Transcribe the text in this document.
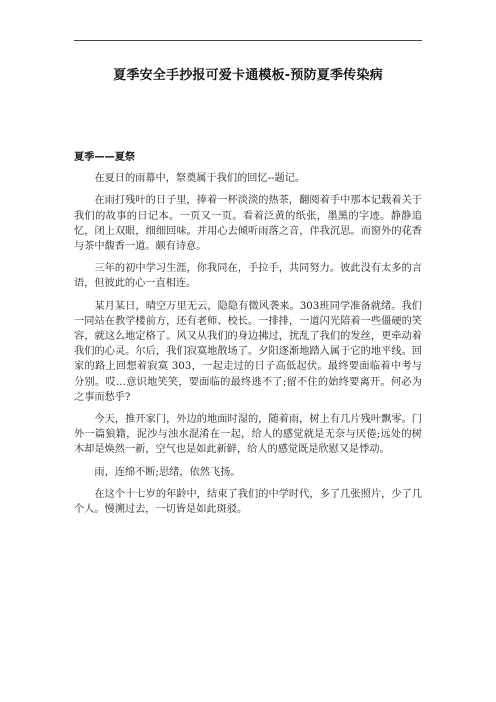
夏季安全手抄报可爱卡通模板-预防夏季传染病
夏季——夏祭

在夏日的雨幕中，祭奠属于我们的回忆--题记。

在雨打残叶的日子里，捧着一杯淡淡的热茶，翻阅着手中那本记载着关于我们的故事的日记本。一页又一页。看着泛黄的纸张，墨黑的字迹。静静追忆，闭上双眼，细细回味。并用心去倾听雨落之音，伴我沉思。而窗外的花香与茶中馥香一道。颇有诗意。

三年的初中学习生涯，你我同在，手拉手，共同努力。彼此没有太多的言语，但彼此的心一直相连。

某月某日，晴空万里无云，隐隐有微风袭来。303班同学准备就绪。我们一同站在教学楼前方，还有老师、校长。一排排，一道闪光陪着一些僵硬的笑容，就这么地定格了。风又从我们的身边拂过，扰乱了我们的发丝，更牵动着我们的心灵。尔后，我们寂寞地散场了。夕阳逐渐地踏入属于它的地平线。回家的路上回想着寂寞 303，一起走过的日子高低起伏。最终要面临着中考与分别。哎…意识地笑笑，要面临的最终逃不了;留不住的始终要离开。何必为之事而愁乎?

今天，推开家门，外边的地面时湿的，随着雨，树上有几片残叶飘零。门外一篇狼籍，泥沙与浊水混淆在一起，给人的感觉就是无奈与厌倦;远处的树木却是焕然一新，空气也是如此新鲜，给人的感觉既是欣慰又是悸动。

雨，连绵不断;思绪，依然飞扬。

在这个十七岁的年龄中，结束了我们的中学时代，多了几张照片，少了几个人。慢溯过去，一切皆是如此斑驳。
